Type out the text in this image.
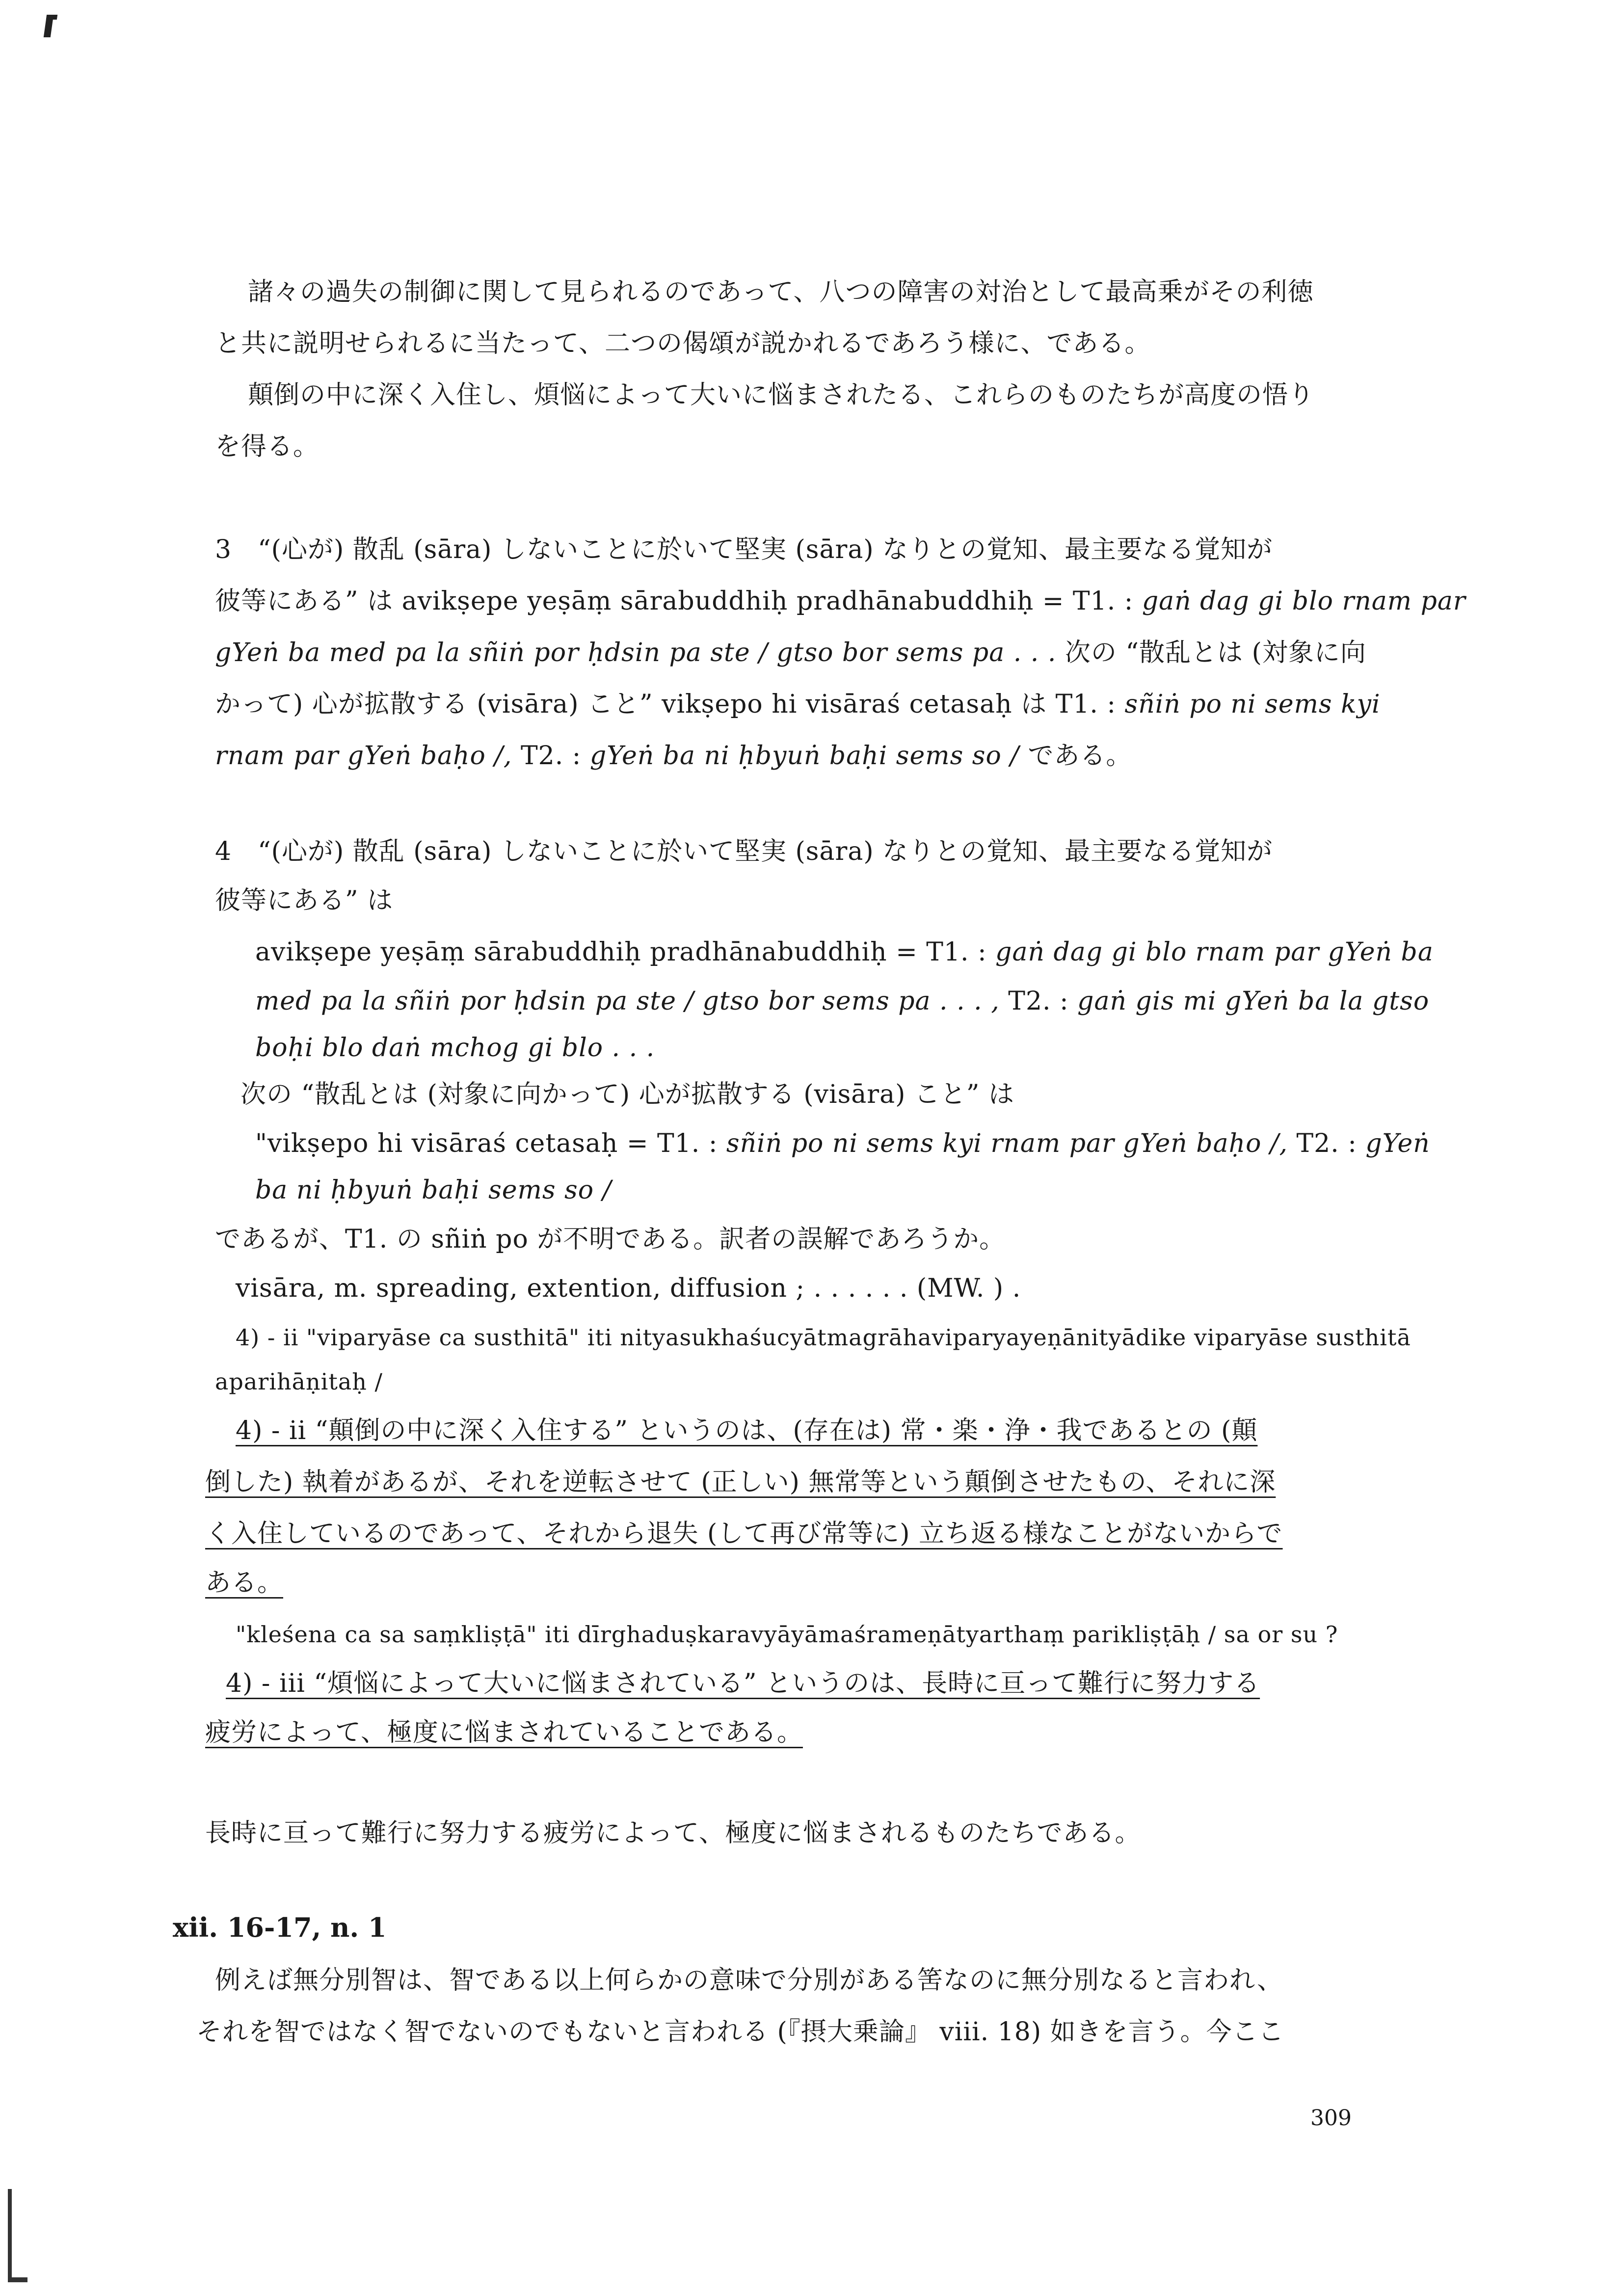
諸々の過失の制御に関して見られるのであって、八つの障害の対治として最高乗がその利徳
と共に説明せられるに当たって、二つの偈頌が説かれるであろう様に、である。
顛倒の中に深く入住し、煩悩によって大いに悩まされたる、これらのものたちが高度の悟り
を得る。
3　“(心が) 散乱 (sāra) しないことに於いて堅実 (sāra) なりとの覚知、最主要なる覚知が
彼等にある” は avikṣepe yeṣāṃ sārabuddhiḥ pradhānabuddhiḥ = T1. : gaṅ dag gi blo rnam par
gYeṅ ba med pa la sñiṅ por ḥdsin pa ste / gtso bor sems pa . . . 次の “散乱とは (対象に向
かって) 心が拡散する (visāra) こと” vikṣepo hi visāraś cetasaḥ は T1. : sñiṅ po ni sems kyi
rnam par gYeṅ baḥo /, T2. : gYeṅ ba ni ḥbyuṅ baḥi sems so / である。
4　“(心が) 散乱 (sāra) しないことに於いて堅実 (sāra) なりとの覚知、最主要なる覚知が
彼等にある” は
avikṣepe yeṣāṃ sārabuddhiḥ pradhānabuddhiḥ = T1. : gaṅ dag gi blo rnam par gYeṅ ba
med pa la sñiṅ por ḥdsin pa ste / gtso bor sems pa . . . , T2. : gaṅ gis mi gYeṅ ba la gtso
boḥi blo daṅ mchog gi blo . . .
次の “散乱とは (対象に向かって) 心が拡散する (visāra) こと” は
"vikṣepo hi visāraś cetasaḥ = T1. : sñiṅ po ni sems kyi rnam par gYeṅ baḥo /, T2. : gYeṅ
ba ni ḥbyuṅ baḥi sems so /
であるが、T1. の sñiṅ po が不明である。訳者の誤解であろうか。
visāra, m. spreading, extention, diffusion ; . . . . . . (MW. ) .
4) - ii "viparyāse ca susthitā" iti nityasukhaśucyātmagrāhaviparyayeṇānityādike viparyāse susthitā
aparihāṇitaḥ /
4) - ii “顛倒の中に深く入住する” というのは、(存在は) 常・楽・浄・我であるとの (顛
倒した) 執着があるが、それを逆転させて (正しい) 無常等という顛倒させたもの、それに深
く入住しているのであって、それから退失 (して再び常等に) 立ち返る様なことがないからで
ある。
"kleśena ca sa saṃkliṣṭā" iti dīrghaduṣkaravyāyāmaśrameṇātyarthaṃ parikliṣṭāḥ / sa or su ?
4) - iii “煩悩によって大いに悩まされている” というのは、長時に亘って難行に努力する
疲労によって、極度に悩まされていることである。
長時に亘って難行に努力する疲労によって、極度に悩まされるものたちである。
xii. 16-17, n. 1
例えば無分別智は、智である以上何らかの意味で分別がある筈なのに無分別なると言われ、
それを智ではなく智でないのでもないと言われる (『摂大乗論』 viii. 18) 如きを言う。今ここ
309
